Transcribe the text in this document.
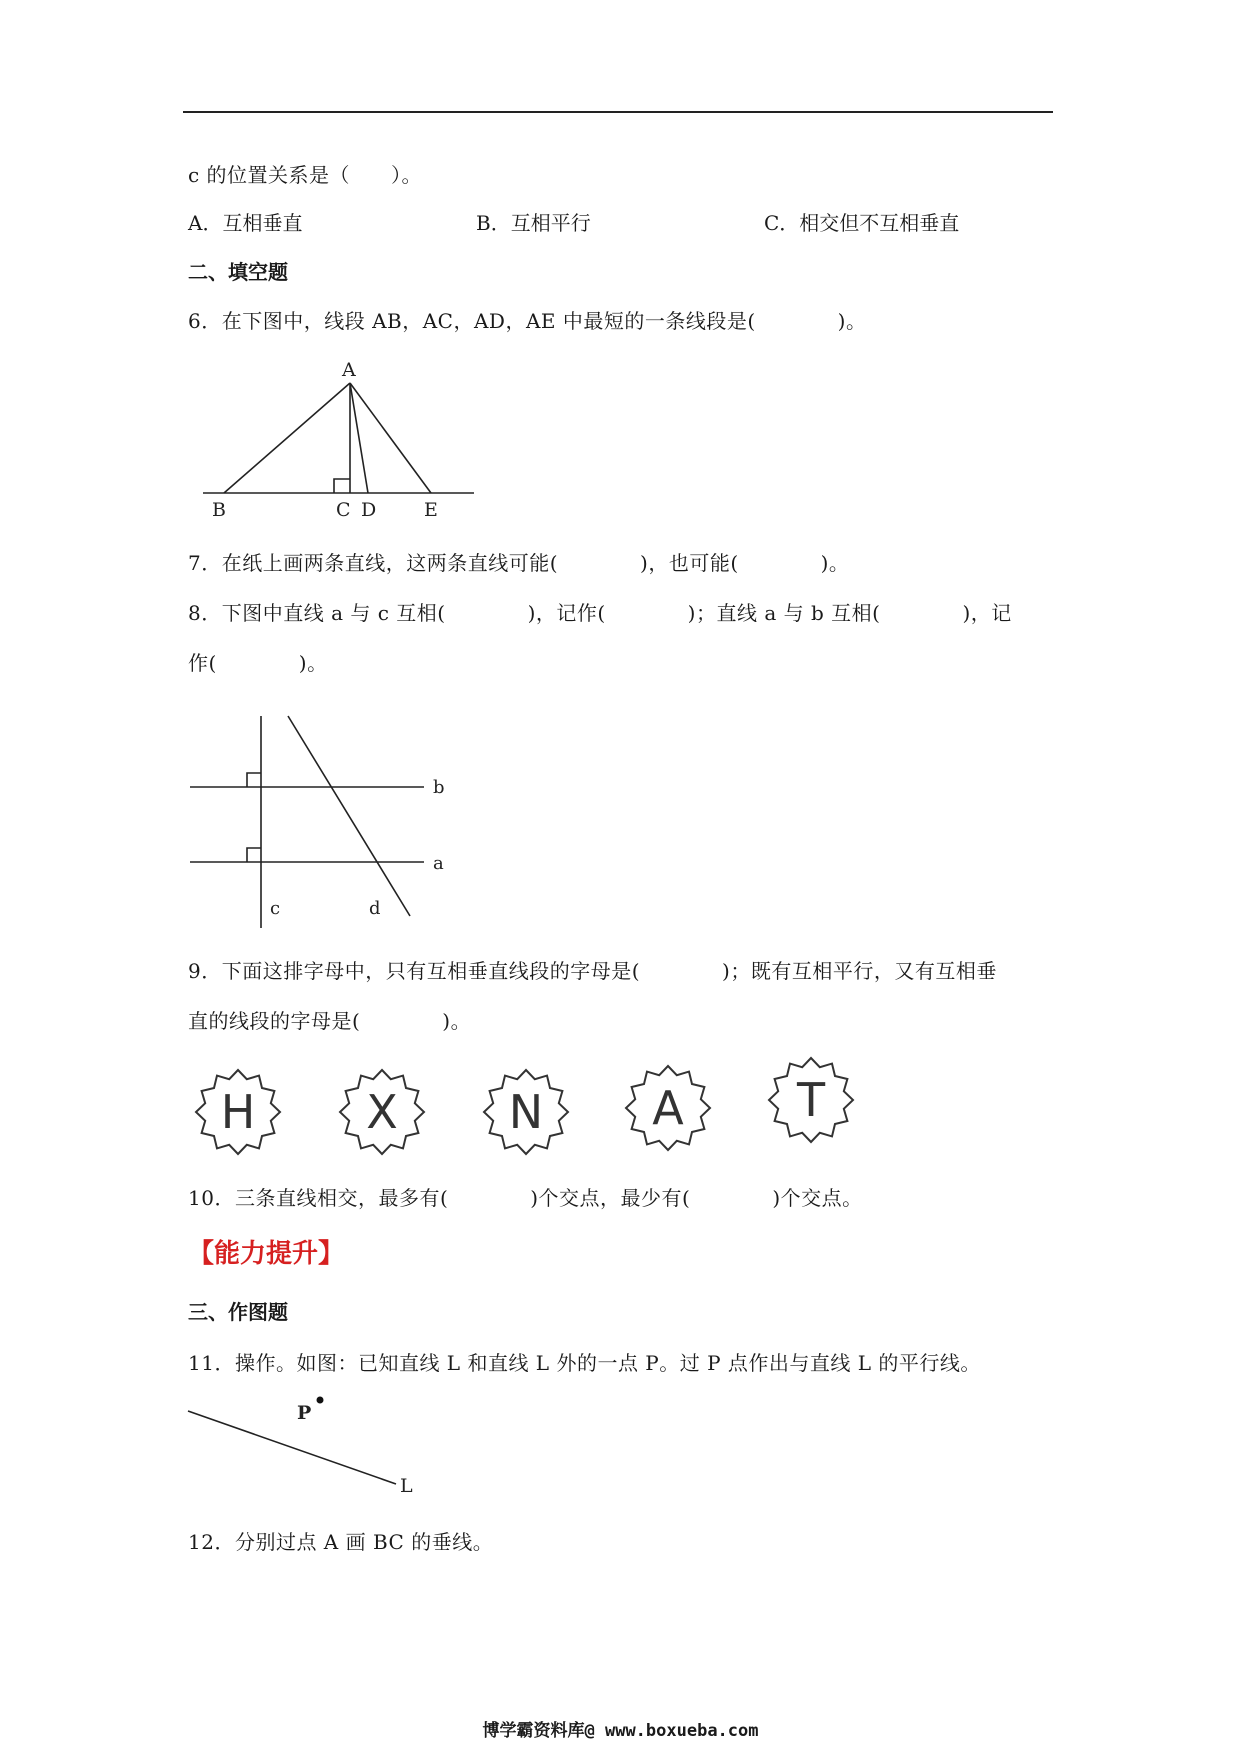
c 的位置关系是（　　）。
A．互相垂直	B．互相平行	C．相交但不互相垂直
二、填空题
6．在下图中，线段 AB，AC，AD，AE 中最短的一条线段是(　　　　)。
A
B	C D	E
7．在纸上画两条直线，这两条直线可能(　　　　)，也可能(　　　　)。
8．下图中直线 a 与 c 互相(　　　　)，记作(　　　　)；直线 a 与 b 互相(　　　　)，记
作(　　　　)。
b
a
c	d
9．下面这排字母中，只有互相垂直线段的字母是(　　　　)；既有互相平行，又有互相垂
直的线段的字母是(　　　　)。
H X N A T
10．三条直线相交，最多有(　　　　)个交点，最少有(　　　　)个交点。
【能力提升】
三、作图题
11．操作。如图：已知直线 L 和直线 L 外的一点 P。过 P 点作出与直线 L 的平行线。
P
L
12．分别过点 A 画 BC 的垂线。
博学霸资料库@ www.boxueba.com
